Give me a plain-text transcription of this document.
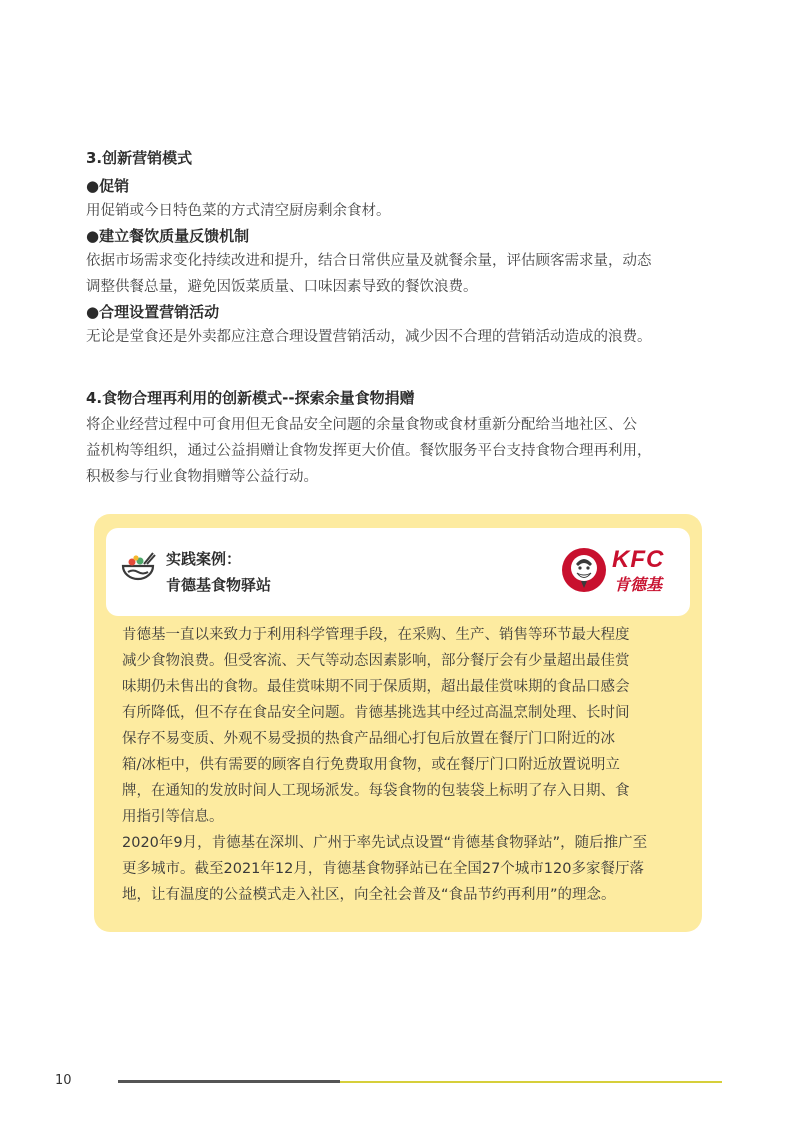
3.创新营销模式

●促销

用促销或今日特色菜的方式清空厨房剩余食材。

●建立餐饮质量反馈机制

依据市场需求变化持续改进和提升，结合日常供应量及就餐余量，评估顾客需求量，动态

调整供餐总量，避免因饭菜质量、口味因素导致的餐饮浪费。

●合理设置营销活动

无论是堂食还是外卖都应注意合理设置营销活动，减少因不合理的营销活动造成的浪费。

4.食物合理再利用的创新模式--探索余量食物捐赠

将企业经营过程中可食用但无食品安全问题的余量食物或食材重新分配给当地社区、公

益机构等组织，通过公益捐赠让食物发挥更大价值。餐饮服务平台支持食物合理再利用，

积极参与行业食物捐赠等公益行动。

实践案例：
肯德基食物驿站
KFC
肯德基

肯德基一直以来致力于利用科学管理手段，在采购、生产、销售等环节最大程度

减少食物浪费。但受客流、天气等动态因素影响，部分餐厅会有少量超出最佳赏

味期仍未售出的食物。最佳赏味期不同于保质期，超出最佳赏味期的食品口感会

有所降低，但不存在食品安全问题。肯德基挑选其中经过高温烹制处理、长时间

保存不易变质、外观不易受损的热食产品细心打包后放置在餐厅门口附近的冰

箱/冰柜中，供有需要的顾客自行免费取用食物，或在餐厅门口附近放置说明立

牌，在通知的发放时间人工现场派发。每袋食物的包装袋上标明了存入日期、食

用指引等信息。

2020年9月，肯德基在深圳、广州于率先试点设置“肯德基食物驿站”，随后推广至

更多城市。截至2021年12月，肯德基食物驿站已在全国27个城市120多家餐厅落

地，让有温度的公益模式走入社区，向全社会普及“食品节约再利用”的理念。

10
